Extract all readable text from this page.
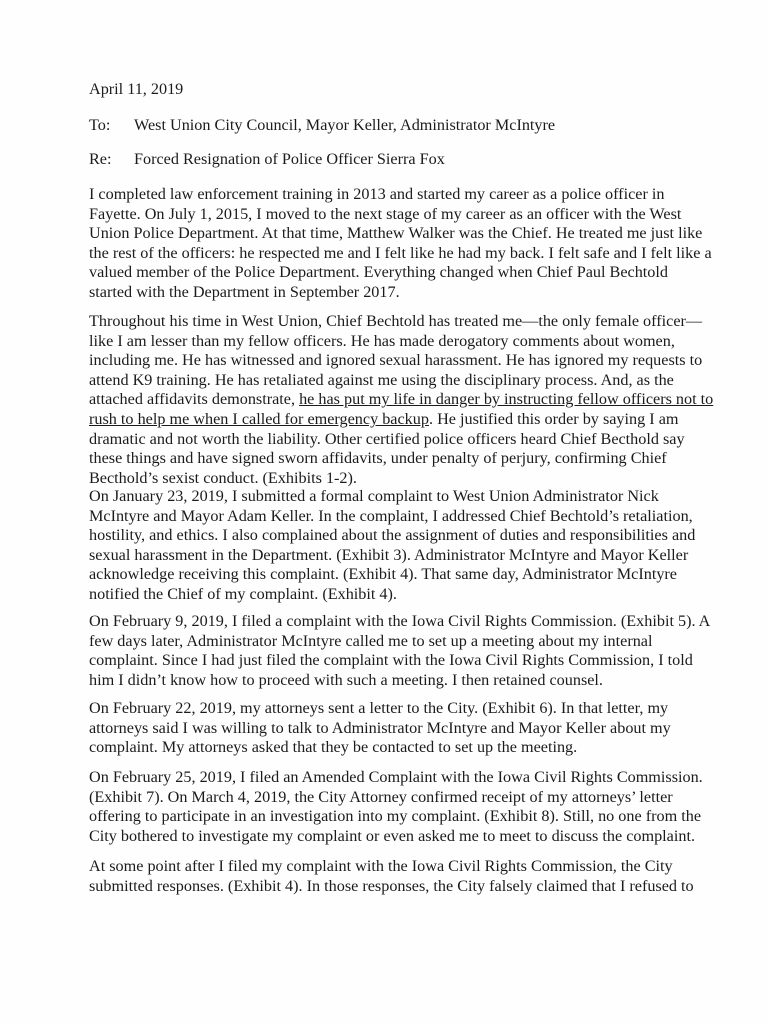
April 11, 2019
To: West Union City Council, Mayor Keller, Administrator McIntyre
Re: Forced Resignation of Police Officer Sierra Fox
I completed law enforcement training in 2013 and started my career as a police officer in
Fayette. On July 1, 2015, I moved to the next stage of my career as an officer with the West
Union Police Department. At that time, Matthew Walker was the Chief. He treated me just like
the rest of the officers: he respected me and I felt like he had my back. I felt safe and I felt like a
valued member of the Police Department. Everything changed when Chief Paul Bechtold
started with the Department in September 2017.
Throughout his time in West Union, Chief Bechtold has treated me—the only female officer—
like I am lesser than my fellow officers. He has made derogatory comments about women,
including me. He has witnessed and ignored sexual harassment. He has ignored my requests to
attend K9 training. He has retaliated against me using the disciplinary process. And, as the
attached affidavits demonstrate, he has put my life in danger by instructing fellow officers not to
rush to help me when I called for emergency backup. He justified this order by saying I am
dramatic and not worth the liability. Other certified police officers heard Chief Becthold say
these things and have signed sworn affidavits, under penalty of perjury, confirming Chief
Becthold’s sexist conduct. (Exhibits 1-2).
On January 23, 2019, I submitted a formal complaint to West Union Administrator Nick
McIntyre and Mayor Adam Keller. In the complaint, I addressed Chief Bechtold’s retaliation,
hostility, and ethics. I also complained about the assignment of duties and responsibilities and
sexual harassment in the Department. (Exhibit 3). Administrator McIntyre and Mayor Keller
acknowledge receiving this complaint. (Exhibit 4). That same day, Administrator McIntyre
notified the Chief of my complaint. (Exhibit 4).
On February 9, 2019, I filed a complaint with the Iowa Civil Rights Commission. (Exhibit 5). A
few days later, Administrator McIntyre called me to set up a meeting about my internal
complaint. Since I had just filed the complaint with the Iowa Civil Rights Commission, I told
him I didn’t know how to proceed with such a meeting. I then retained counsel.
On February 22, 2019, my attorneys sent a letter to the City. (Exhibit 6). In that letter, my
attorneys said I was willing to talk to Administrator McIntyre and Mayor Keller about my
complaint. My attorneys asked that they be contacted to set up the meeting.
On February 25, 2019, I filed an Amended Complaint with the Iowa Civil Rights Commission.
(Exhibit 7). On March 4, 2019, the City Attorney confirmed receipt of my attorneys’ letter
offering to participate in an investigation into my complaint. (Exhibit 8). Still, no one from the
City bothered to investigate my complaint or even asked me to meet to discuss the complaint.
At some point after I filed my complaint with the Iowa Civil Rights Commission, the City
submitted responses. (Exhibit 4). In those responses, the City falsely claimed that I refused to
